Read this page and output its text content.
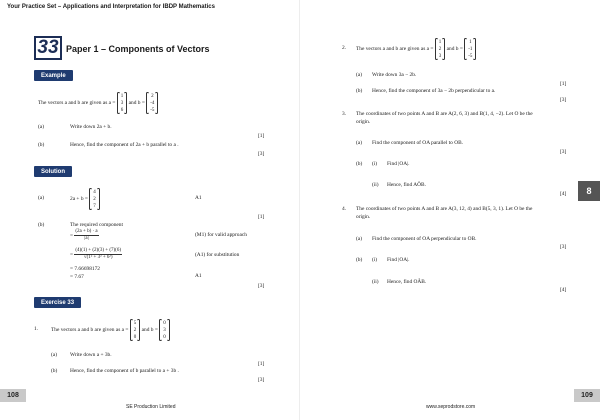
Your Practice Set – Applications and Interpretation for IBDP Mathematics
33 Paper 1 – Components of Vectors
Example
The vectors a and b are given as a =
1
3
6
and b =
2
-4
-5
(a)	Write down 2a + b.
[1]
(b)	Hence, find the component of 2a + b parallel to a .
[3]
Solution
(a)	2a + b =
4
2
7
A1
[1]
(b)	The required component
= $\frac{(2a + b) \cdot a}{|a|}$	(M1) for valid approach
= $\frac{(4)(1) + (2)(3) + (7)(6)}{\text{√(1² + 3² + 6²)}}$	(A1) for substitution
= 7.66698172
= 7.67	A1
[3]
Exercise 33
1. The vectors a and b are given as a =
5
2
0
and b =
0
3
0
(a) Write down a + 3b.
[1]
(b) Hence, find the component of b parallel to a + 3b .
[3]
108
SE Production Limited
2. The vectors a and b are given as a =
1
2
3
and b =
1
-1
-5
(a) Write down 3a − 2b.
[1]
(b) Hence, find the component of 3a − 2b perpendicular to a.
[3]
3. The coordinates of two points A and B are A(2, 6, 3) and B(1, 4, −2). Let O be the
origin.
(a) Find the component of OA parallel to OB.
[3]
(b) (i) Find |OA|.
(ii) Hence, find AÔB.
[4]
4. The coordinates of two points A and B are A(3, 12, 4) and B(5, 3, 1). Let O be the
origin.
(a) Find the component of OA perpendicular to OB.
[3]
(b) (i) Find |OA|.
(ii) Hence, find OÂB.
[4]
8
www.seprodstore.com
109
